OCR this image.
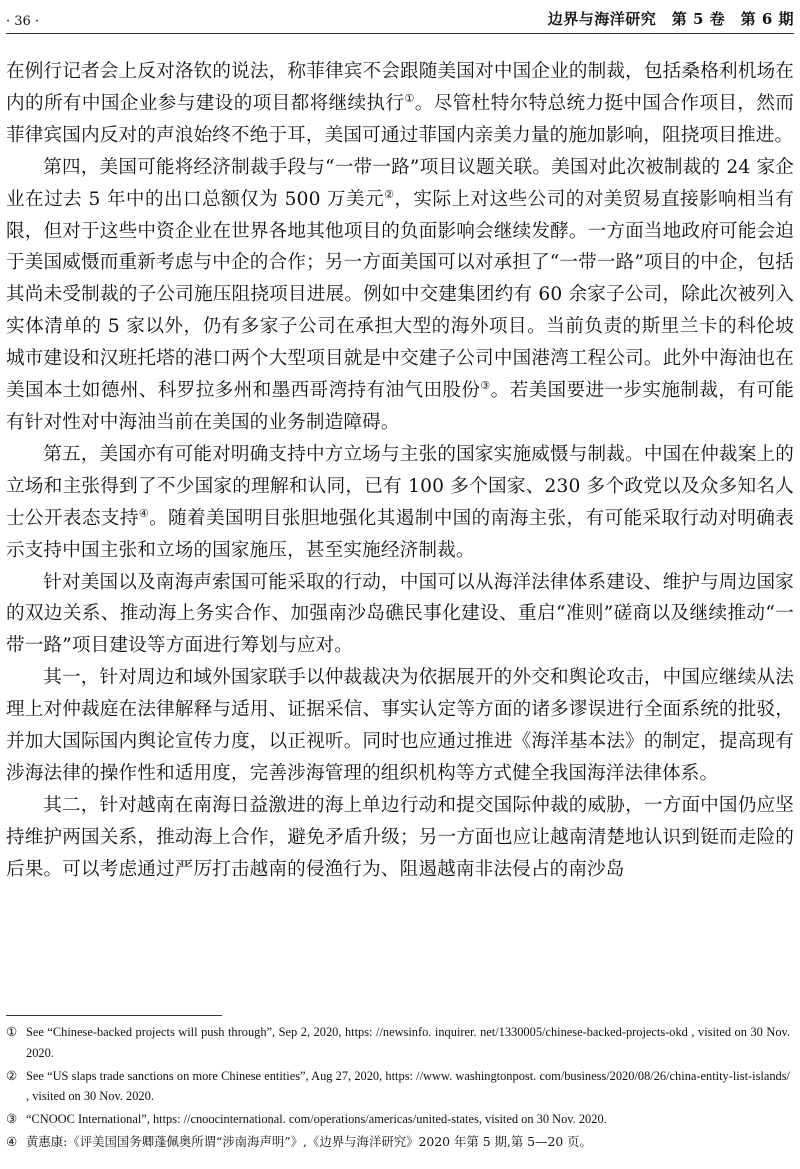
· 36 ·	边界与海洋研究　第 5 卷　第 6 期

在例行记者会上反对洛钦的说法，称菲律宾不会跟随美国对中国企业的制裁，包括桑格利机场在内的所有中国企业参与建设的项目都将继续执行①。尽管杜特尔特总统力挺中国合作项目，然而菲律宾国内反对的声浪始终不绝于耳，美国可通过菲国内亲美力量的施加影响，阻挠项目推进。

第四，美国可能将经济制裁手段与“一带一路”项目议题关联。美国对此次被制裁的 24 家企业在过去 5 年中的出口总额仅为 500 万美元②，实际上对这些公司的对美贸易直接影响相当有限，但对于这些中资企业在世界各地其他项目的负面影响会继续发酵。一方面当地政府可能会迫于美国威慑而重新考虑与中企的合作；另一方面美国可以对承担了“一带一路”项目的中企，包括其尚未受制裁的子公司施压阻挠项目进展。例如中交建集团约有 60 余家子公司，除此次被列入实体清单的 5 家以外，仍有多家子公司在承担大型的海外项目。当前负责的斯里兰卡的科伦坡城市建设和汉班托塔的港口两个大型项目就是中交建子公司中国港湾工程公司。此外中海油也在美国本土如德州、科罗拉多州和墨西哥湾持有油气田股份③。若美国要进一步实施制裁，有可能有针对性对中海油当前在美国的业务制造障碍。

第五，美国亦有可能对明确支持中方立场与主张的国家实施威慑与制裁。中国在仲裁案上的立场和主张得到了不少国家的理解和认同，已有 100 多个国家、230 多个政党以及众多知名人士公开表态支持④。随着美国明目张胆地强化其遏制中国的南海主张，有可能采取行动对明确表示支持中国主张和立场的国家施压，甚至实施经济制裁。

针对美国以及南海声索国可能采取的行动，中国可以从海洋法律体系建设、维护与周边国家的双边关系、推动海上务实合作、加强南沙岛礁民事化建设、重启“准则”磋商以及继续推动“一带一路”项目建设等方面进行筹划与应对。

其一，针对周边和域外国家联手以仲裁裁决为依据展开的外交和舆论攻击，中国应继续从法理上对仲裁庭在法律解释与适用、证据采信、事实认定等方面的诸多谬误进行全面系统的批驳，并加大国际国内舆论宣传力度，以正视听。同时也应通过推进《海洋基本法》的制定，提高现有涉海法律的操作性和适用度，完善涉海管理的组织机构等方式健全我国海洋法律体系。

其二，针对越南在南海日益激进的海上单边行动和提交国际仲裁的威胁，一方面中国仍应坚持维护两国关系，推动海上合作，避免矛盾升级；另一方面也应让越南清楚地认识到铤而走险的后果。可以考虑通过严厉打击越南的侵渔行为、阻遏越南非法侵占的南沙岛

① See “Chinese-backed projects will push through”, Sep 2, 2020, https: //newsinfo. inquirer. net/1330005/chinese-backed-projects-okd , visited on 30 Nov. 2020.
② See “US slaps trade sanctions on more Chinese entities”, Aug 27, 2020, https: //www. washingtonpost. com/business/2020/08/26/china-entity-list-islands/ , visited on 30 Nov. 2020.
③ “CNOOC International”, https: //cnoocinternational. com/operations/americas/united-states, visited on 30 Nov. 2020.
④ 黄惠康:《评美国国务卿蓬佩奥所谓“涉南海声明”》,《边界与海洋研究》2020 年第 5 期,第 5—20 页。
